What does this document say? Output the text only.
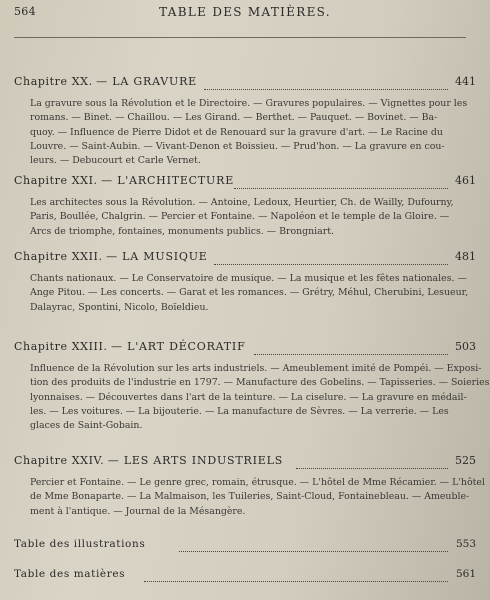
564	TABLE DES MATIÈRES.
Chapitre XX. — LA GRAVURE	441
La gravure sous la Révolution et le Directoire. — Gravures populaires. — Vignettes pour les
romans. — Binet. — Chaillou. — Les Girand. — Berthet. — Pauquet. — Bovinet. — Ba-
quoy. — Influence de Pierre Didot et de Renouard sur la gravure d'art. — Le Racine du
Louvre. — Saint-Aubin. — Vivant-Denon et Boissieu. — Prud'hon. — La gravure en cou-
leurs. — Debucourt et Carle Vernet.
Chapitre XXI. — L'ARCHITECTURE	461
Les architectes sous la Révolution. — Antoine, Ledoux, Heurtier, Ch. de Wailly, Dufourny,
Paris, Boullée, Chalgrin. — Percier et Fontaine. — Napoléon et le temple de la Gloire. —
Arcs de triomphe, fontaines, monuments publics. — Brongniart.
Chapitre XXII. — LA MUSIQUE	481
Chants nationaux. — Le Conservatoire de musique. — La musique et les fêtes nationales. —
Ange Pitou. — Les concerts. — Garat et les romances. — Grétry, Méhul, Cherubini, Lesueur,
Dalayrac, Spontini, Nicolo, Boïeldieu.
Chapitre XXIII. — L'ART DÉCORATIF	503
Influence de la Révolution sur les arts industriels. — Ameublement imité de Pompéi. — Exposi-
tion des produits de l'industrie en 1797. — Manufacture des Gobelins. — Tapisseries. — Soieries
lyonnaises. — Découvertes dans l'art de la teinture. — La ciselure. — La gravure en médail-
les. — Les voitures. — La bijouterie. — La manufacture de Sèvres. — La verrerie. — Les
glaces de Saint-Gobain.
Chapitre XXIV. — LES ARTS INDUSTRIELS	525
Percier et Fontaine. — Le genre grec, romain, étrusque. — L'hôtel de Mme Récamier. — L'hôtel
de Mme Bonaparte. — La Malmaison, les Tuileries, Saint-Cloud, Fontainebleau. — Ameuble-
ment à l'antique. — Journal de la Mésangère.
Table des illustrations	553
Table des matières	561
